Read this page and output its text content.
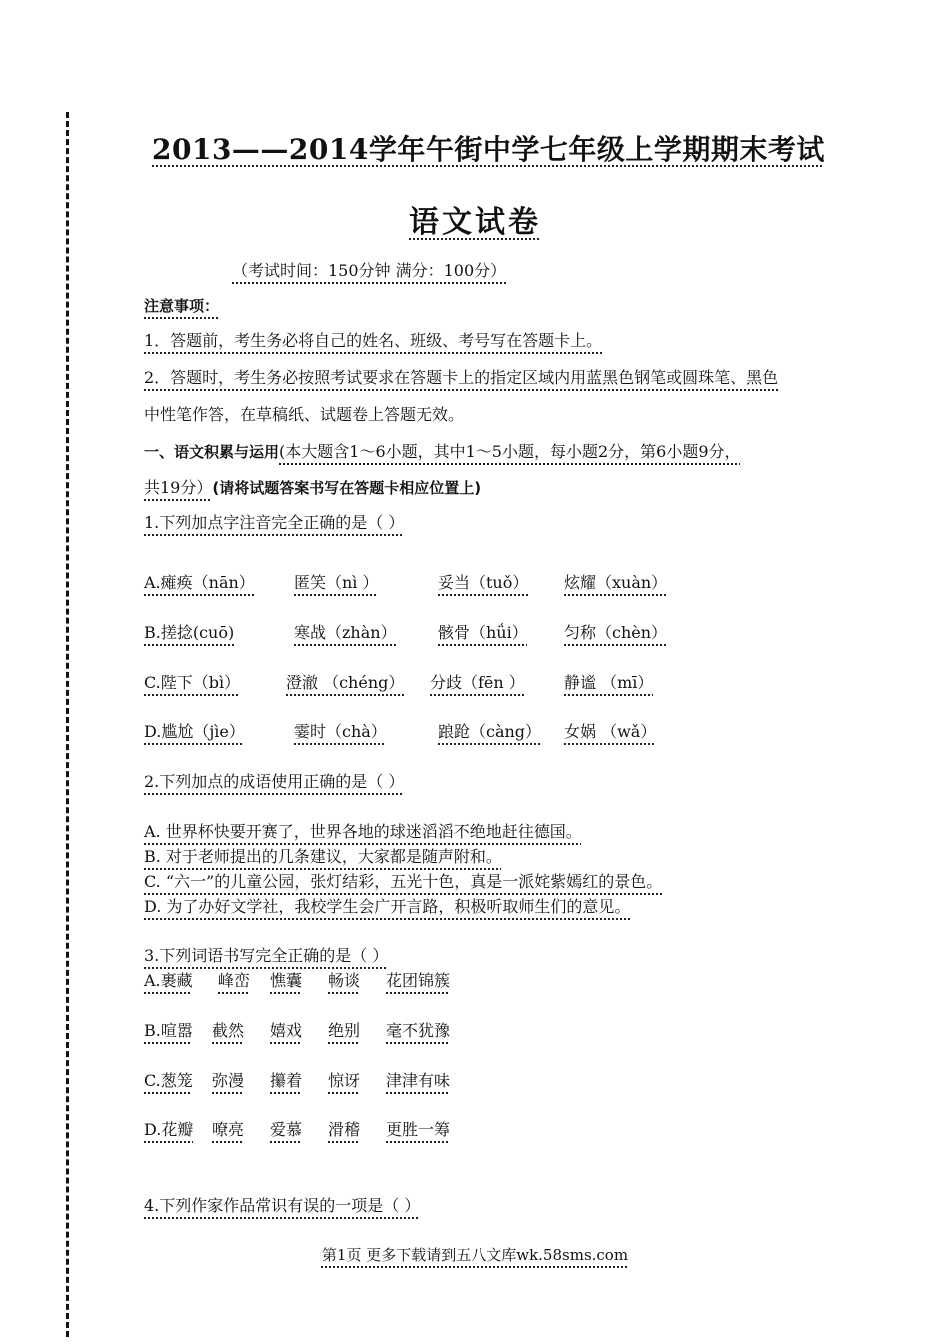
2013——2014学年午街中学七年级上学期期末考试
语文试卷
（考试时间：150分钟 满分：100分）
注意事项：
1．答题前，考生务必将自己的姓名、班级、考号写在答题卡上。
2．答题时，考生务必按照考试要求在答题卡上的指定区域内用蓝黑色钢笔或圆珠笔、黑色
中性笔作答，在草稿纸、试题卷上答题无效。
一、语文积累与运用(本大题含1～6小题，其中1～5小题，每小题2分，第6小题9分，
共19分）(请将试题答案书写在答题卡相应位置上)
1.下列加点字注音完全正确的是（ ）
A.瘫痪（nān） 匿笑（nì ）	妥当（tuǒ） 炫耀（xuàn）
B.搓捻(cuō)	寒战（zhàn）	骸骨（hǘi） 匀称（chèn）
C.陛下（bì）	澄澈 （chéng） 分歧（fēn ） 静谧 （mī）
D.尴尬（jìe）	霎时（chà）	踉跄（càng） 女娲 （wǎ）
2.下列加点的成语使用正确的是（ ）
A. 世界杯快要开赛了，世界各地的球迷滔滔不绝地赶往德国。
B. 对于老师提出的几条建议，大家都是随声附和。
C. “六一”的儿童公园，张灯结彩，五光十色，真是一派姹紫嫣红的景色。
D. 为了办好文学社，我校学生会广开言路，积极听取师生们的意见。
3.下列词语书写完全正确的是（ ）
A.裹藏 峰峦 憔囊 畅谈 花团锦簇
B.喧嚣 截然 嬉戏 绝别 毫不犹豫
C.葱笼 弥漫 攥着 惊讶 津津有味
D.花瓣 嘹亮 爱慕 滑稽 更胜一筹
4.下列作家作品常识有误的一项是（ ）
第1页 更多下载请到五八文库wk.58sms.com
